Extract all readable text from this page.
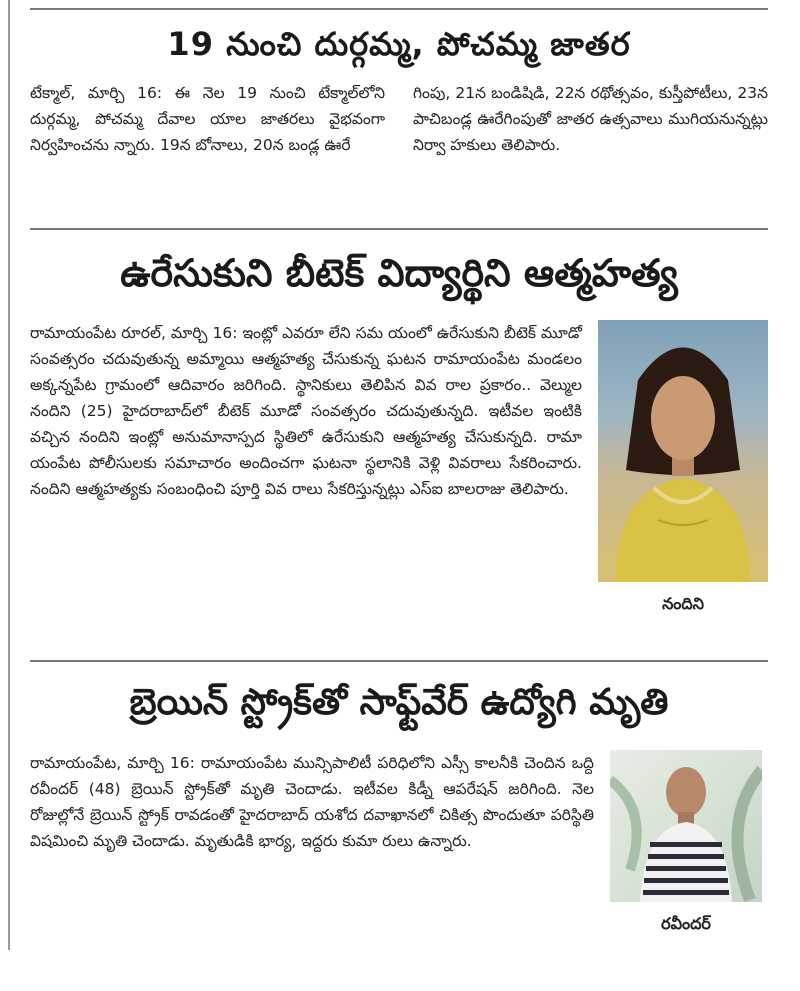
19 నుంచి దుర్గమ్మ, పోచమ్మ జాతర

టేక్మాల్, మార్చి 16: ఈ నెల 19 నుంచి టేక్మాల్‌లోని దుర్గమ్మ, పోచమ్మ దేవాల యాల జాతరలు వైభవంగా నిర్వహించను న్నారు. 19న బోనాలు, 20న బండ్ల ఊరే

గింపు, 21న బండిషిడి, 22న రథోత్సవం, కుస్తీపోటీలు, 23న పాచిబండ్ల ఊరేగింపుతో జాతర ఉత్సవాలు ముగియనున్నట్లు నిర్వా హకులు తెలిపారు.

ఉరేసుకుని బీటెక్ విద్యార్థిని ఆత్మహత్య

రామాయంపేట రూరల్, మార్చి 16: ఇంట్లో ఎవరూ లేని సమ యంలో ఉరేసుకుని బీటెక్ మూడో సంవత్సరం చదువుతున్న అమ్మాయి ఆత్మహత్య చేసుకున్న ఘటన రామాయంపేట మండలం అక్కన్నపేట గ్రామంలో ఆదివారం జరిగింది. స్థానికులు తెలిపిన వివ రాల ప్రకారం.. వెల్ముల నందిని (25) హైదరాబాద్‌లో బీటెక్ మూడో సంవత్సరం చదువుతున్నది. ఇటీవల ఇంటికి వచ్చిన నందిని ఇంట్లో అనుమానాస్పద స్థితిలో ఉరేసుకుని ఆత్మహత్య చేసుకున్నది. రామా యంపేట పోలీసులకు సమాచారం అందించగా ఘటనా స్థలానికి వెళ్లి వివరాలు సేకరించారు. నందిని ఆత్మహత్యకు సంబంధించి పూర్తి వివ రాలు సేకరిస్తున్నట్లు ఎస్ఐ బాలరాజు తెలిపారు.

నందిని
బ్రెయిన్ స్ట్రోక్‌తో సాఫ్ట్‌వేర్ ఉద్యోగి మృతి

రామాయంపేట, మార్చి 16: రామాయంపేట మున్సిపాలిటీ పరిధిలోని ఎస్సీ కాలనీకి చెందిన ఒద్ది రవీందర్ (48) బ్రెయిన్ స్ట్రోక్‌తో మృతి చెందాడు. ఇటీవల కిడ్నీ ఆపరేషన్ జరిగింది. నెల రోజుల్లోనే బ్రెయిన్ స్ట్రోక్ రావడంతో హైదరాబాద్ యశోద దవాఖానలో చికిత్స పొందుతూ పరిస్థితి విషమించి మృతి చెందాడు. మృతుడికి భార్య, ఇద్దరు కుమా రులు ఉన్నారు.

రవీందర్
